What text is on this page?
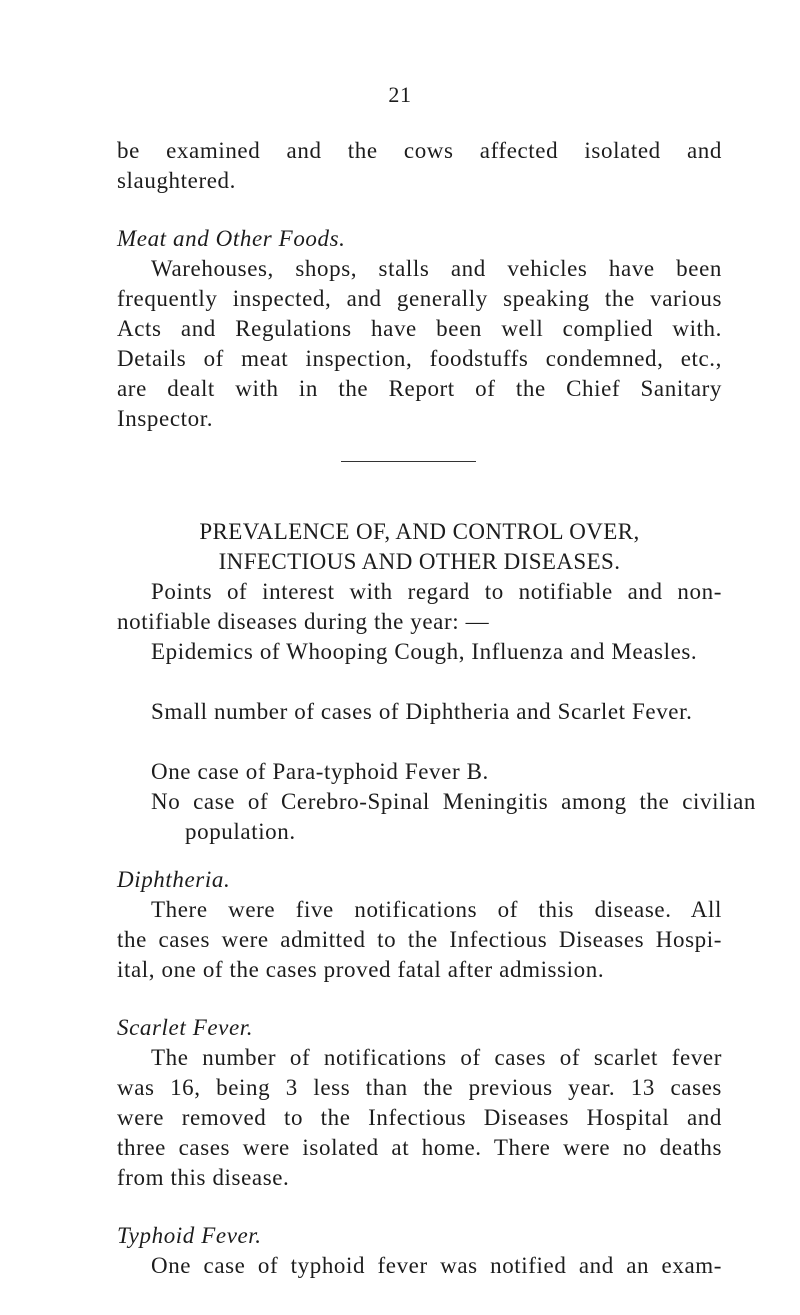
21
be examined and the cows affected isolated and
slaughtered.
Meat and Other Foods.
Warehouses, shops, stalls and vehicles have been
frequently inspected, and generally speaking the various
Acts and Regulations have been well complied with.
Details of meat inspection, foodstuffs condemned, etc.,
are dealt with in the Report of the Chief Sanitary
Inspector.
PREVALENCE OF, AND CONTROL OVER,
INFECTIOUS AND OTHER DISEASES.
Points of interest with regard to notifiable and non-
notifiable diseases during the year: —
Epidemics of Whooping Cough, Influenza and Measles.
Small number of cases of Diphtheria and Scarlet Fever.
One case of Para-typhoid Fever B.
No case of Cerebro-Spinal Meningitis among the civilian population.
Diphtheria.
There were five notifications of this disease. All
the cases were admitted to the Infectious Diseases Hospi-
ital, one of the cases proved fatal after admission.
Scarlet Fever.
The number of notifications of cases of scarlet fever
was 16, being 3 less than the previous year. 13 cases
were removed to the Infectious Diseases Hospital and
three cases were isolated at home. There were no deaths
from this disease.
Typhoid Fever.
One case of typhoid fever was notified and an exam-
